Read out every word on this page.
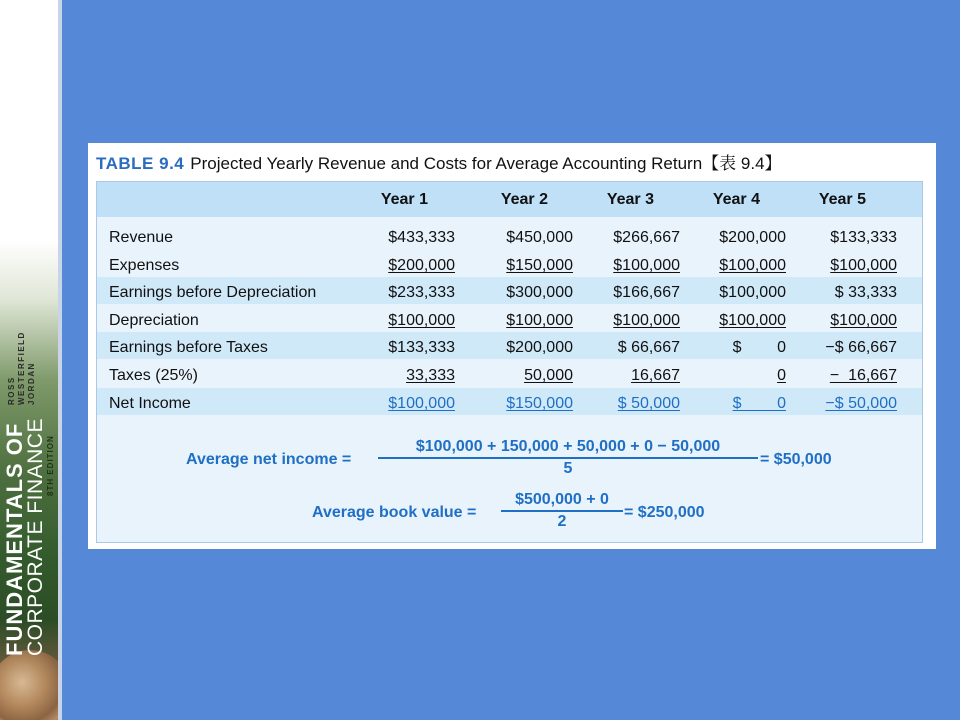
FUNDAMENTALS OF
CORPORATE FINANCE 8TH EDITION
ROSS WESTERFIELD JORDAN
TABLE 9.4 Projected Yearly Revenue and Costs for Average Accounting Return【表 9.4】
Year 1	Year 2	Year 3	Year 4	Year 5
Revenue	$433,333	$450,000	$266,667	$200,000	$133,333
Expenses	$200,000	$150,000	$100,000	$100,000	$100,000
Earnings before Depreciation	$233,333	$300,000	$166,667	$100,000	$ 33,333
Depreciation	$100,000	$100,000	$100,000	$100,000	$100,000
Earnings before Taxes	$133,333	$200,000	$ 66,667	$        0	−$ 66,667
Taxes (25%)	33,333	50,000	16,667	0	−  16,667
Net Income	$100,000	$150,000	$ 50,000	$        0	−$ 50,000
Average net income = $\frac{\$100,000 + 150,000 + 50,000 + 0 - 50,000}{5}$ = $50,000
Average book value = $\frac{\$500,000 + 0}{2}$ = $250,000
